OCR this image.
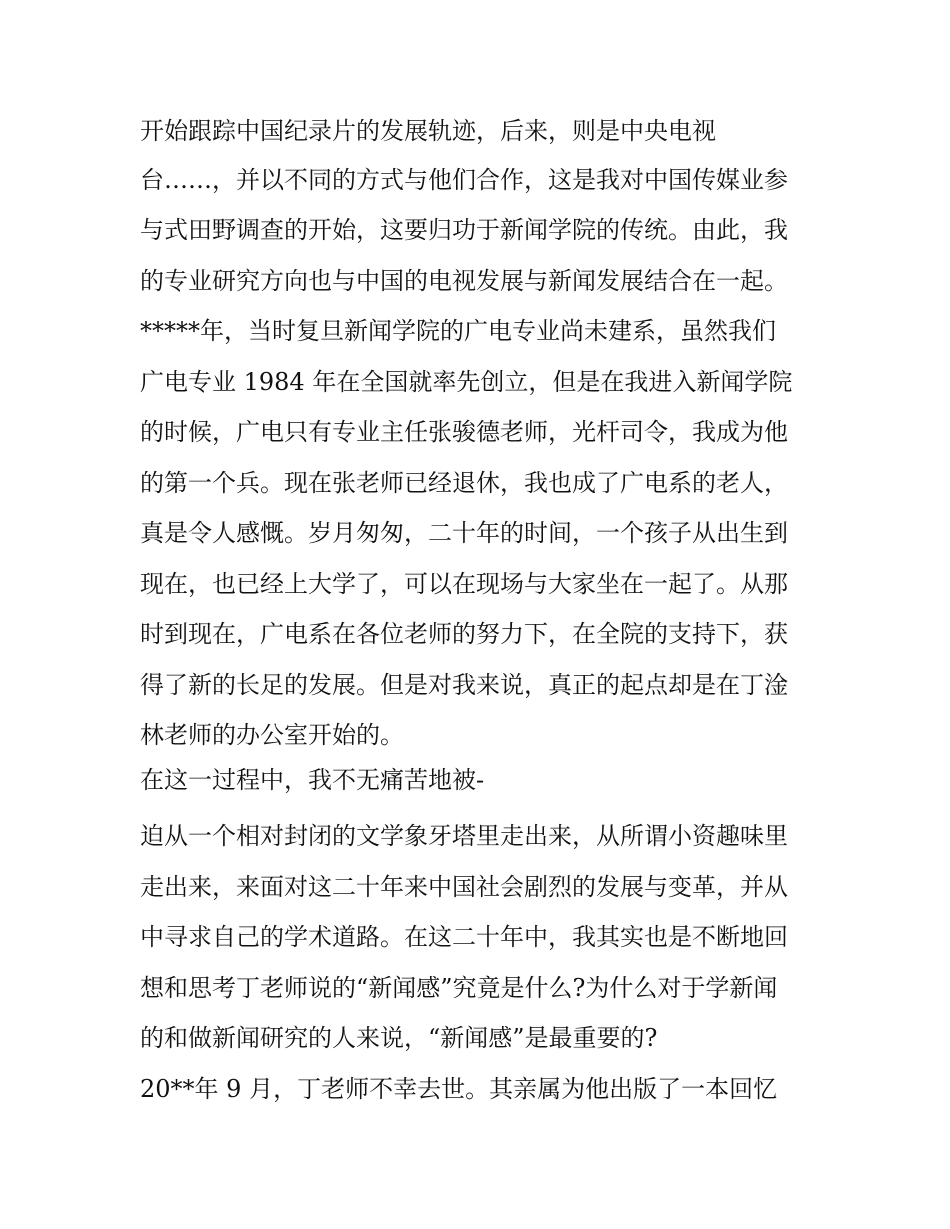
开始跟踪中国纪录片的发展轨迹，后来，则是中央电视
台……，并以不同的方式与他们合作，这是我对中国传媒业参
与式田野调查的开始，这要归功于新闻学院的传统。由此，我
的专业研究方向也与中国的电视发展与新闻发展结合在一起。
*****年，当时复旦新闻学院的广电专业尚未建系，虽然我们
广电专业 1984 年在全国就率先创立，但是在我进入新闻学院
的时候，广电只有专业主任张骏德老师，光杆司令，我成为他
的第一个兵。现在张老师已经退休，我也成了广电系的老人，
真是令人感慨。岁月匆匆，二十年的时间，一个孩子从出生到
现在，也已经上大学了，可以在现场与大家坐在一起了。从那
时到现在，广电系在各位老师的努力下，在全院的支持下，获
得了新的长足的发展。但是对我来说，真正的起点却是在丁淦
林老师的办公室开始的。
在这一过程中，我不无痛苦地被-
迫从一个相对封闭的文学象牙塔里走出来，从所谓小资趣味里
走出来，来面对这二十年来中国社会剧烈的发展与变革，并从
中寻求自己的学术道路。在这二十年中，我其实也是不断地回
想和思考丁老师说的“新闻感”究竟是什么?为什么对于学新闻
的和做新闻研究的人来说，“新闻感”是最重要的?
20**年 9 月，丁老师不幸去世。其亲属为他出版了一本回忆
